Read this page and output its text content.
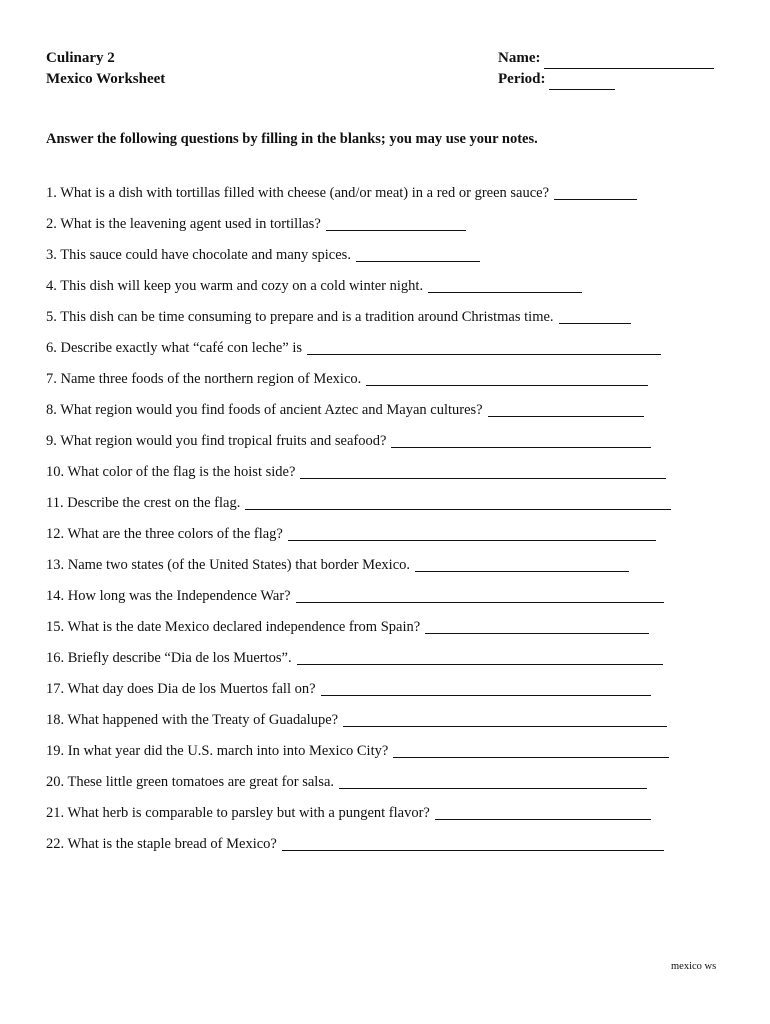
Culinary 2
Mexico Worksheet
Name:
Period:
Answer the following questions by filling in the blanks; you may use your notes.
1. What is a dish with tortillas filled with cheese (and/or meat) in a red or green sauce?
2. What is the leavening agent used in tortillas?
3. This sauce could have chocolate and many spices.
4. This dish will keep you warm and cozy on a cold winter night.
5. This dish can be time consuming to prepare and is a tradition around Christmas time.
6. Describe exactly what “café con leche” is
7. Name three foods of the northern region of Mexico.
8. What region would you find foods of ancient Aztec and Mayan cultures?
9. What region would you find tropical fruits and seafood?
10. What color of the flag is the hoist side?
11. Describe the crest on the flag.
12. What are the three colors of the flag?
13. Name two states (of the United States) that border Mexico.
14. How long was the Independence War?
15. What is the date Mexico declared independence from Spain?
16. Briefly describe “Dia de los Muertos”.
17. What day does Dia de los Muertos fall on?
18. What happened with the Treaty of Guadalupe?
19. In what year did the U.S. march into into Mexico City?
20. These little green tomatoes are great for salsa.
21. What herb is comparable to parsley but with a pungent flavor?
22. What is the staple bread of Mexico?
mexico ws
